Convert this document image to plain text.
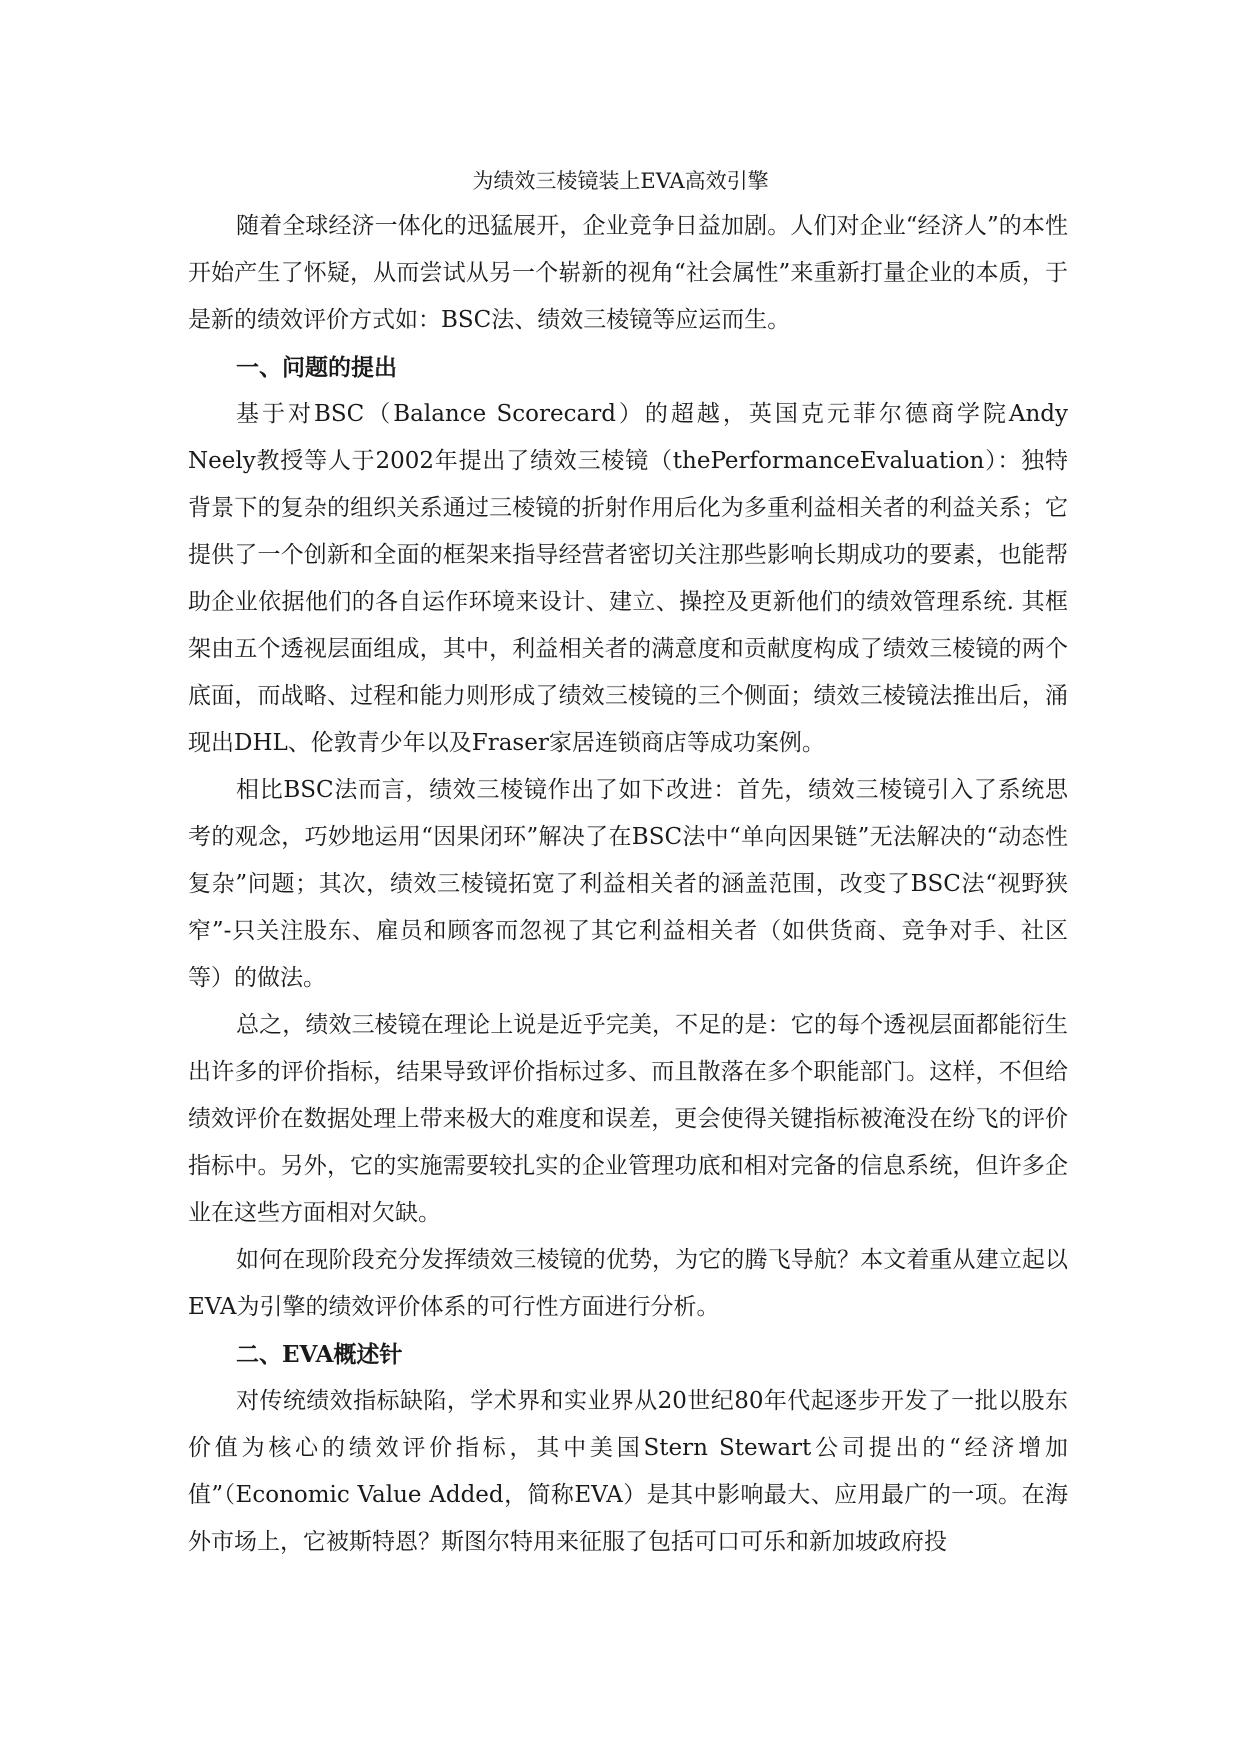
为绩效三棱镜装上EVA高效引擎

随着全球经济一体化的迅猛展开，企业竞争日益加剧。人们对企业“经济人”的本性开始产生了怀疑，从而尝试从另一个崭新的视角“社会属性”来重新打量企业的本质，于是新的绩效评价方式如：BSC法、绩效三棱镜等应运而生。

一、问题的提出

基于对BSC（Balance Scorecard）的超越，英国克元菲尔德商学院Andy Neely教授等人于2002年提出了绩效三棱镜（thePerformanceEvaluation）：独特背景下的复杂的组织关系通过三棱镜的折射作用后化为多重利益相关者的利益关系；它提供了一个创新和全面的框架来指导经营者密切关注那些影响长期成功的要素，也能帮助企业依据他们的各自运作环境来设计、建立、操控及更新他们的绩效管理系统. 其框架由五个透视层面组成，其中，利益相关者的满意度和贡献度构成了绩效三棱镜的两个底面，而战略、过程和能力则形成了绩效三棱镜的三个侧面；绩效三棱镜法推出后，涌现出DHL、伦敦青少年以及Fraser家居连锁商店等成功案例。

相比BSC法而言，绩效三棱镜作出了如下改进：首先，绩效三棱镜引入了系统思考的观念，巧妙地运用“因果闭环”解决了在BSC法中“单向因果链”无法解决的“动态性复杂”问题；其次，绩效三棱镜拓宽了利益相关者的涵盖范围，改变了BSC法“视野狭窄”-只关注股东、雇员和顾客而忽视了其它利益相关者（如供货商、竞争对手、社区等）的做法。

总之，绩效三棱镜在理论上说是近乎完美，不足的是：它的每个透视层面都能衍生出许多的评价指标，结果导致评价指标过多、而且散落在多个职能部门。这样，不但给绩效评价在数据处理上带来极大的难度和误差，更会使得关键指标被淹没在纷飞的评价指标中。另外，它的实施需要较扎实的企业管理功底和相对完备的信息系统，但许多企业在这些方面相对欠缺。

如何在现阶段充分发挥绩效三棱镜的优势，为它的腾飞导航？本文着重从建立起以EVA为引擎的绩效评价体系的可行性方面进行分析。

二、EVA概述针

对传统绩效指标缺陷，学术界和实业界从20世纪80年代起逐步开发了一批以股东价值为核心的绩效评价指标，其中美国Stern Stewart公司提出的“经济增加值”（Economic Value Added，简称EVA）是其中影响最大、应用最广的一项。在海外市场上，它被斯特恩？斯图尔特用来征服了包括可口可乐和新加坡政府投
